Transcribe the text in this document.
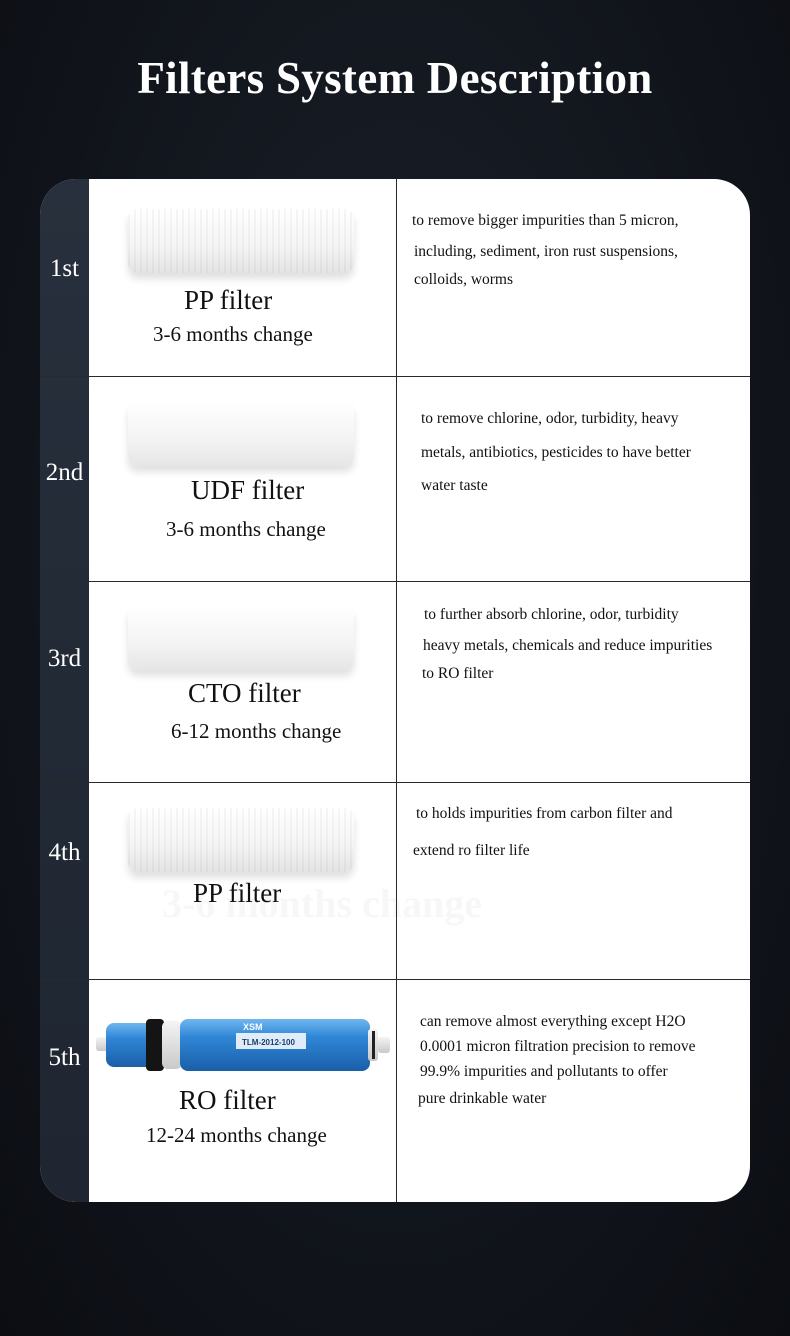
Filters System Description
1st
PP filter
3-6 months change
to remove bigger impurities than 5 micron,
including, sediment, iron rust suspensions,
colloids, worms
2nd
UDF filter
3-6 months change
to remove chlorine, odor, turbidity, heavy
metals, antibiotics, pesticides to have better
water taste
3rd
CTO filter
6-12 months change
to further absorb chlorine, odor, turbidity
heavy metals, chemicals and reduce impurities
to RO filter
4th
PP filter
to holds impurities from carbon filter and
extend ro filter life
5th
XSM
TLM-2012-100
RO filter
12-24 months change
can remove almost everything except H2O
0.0001 micron filtration precision to remove
99.9% impurities and pollutants to offer
pure drinkable water
